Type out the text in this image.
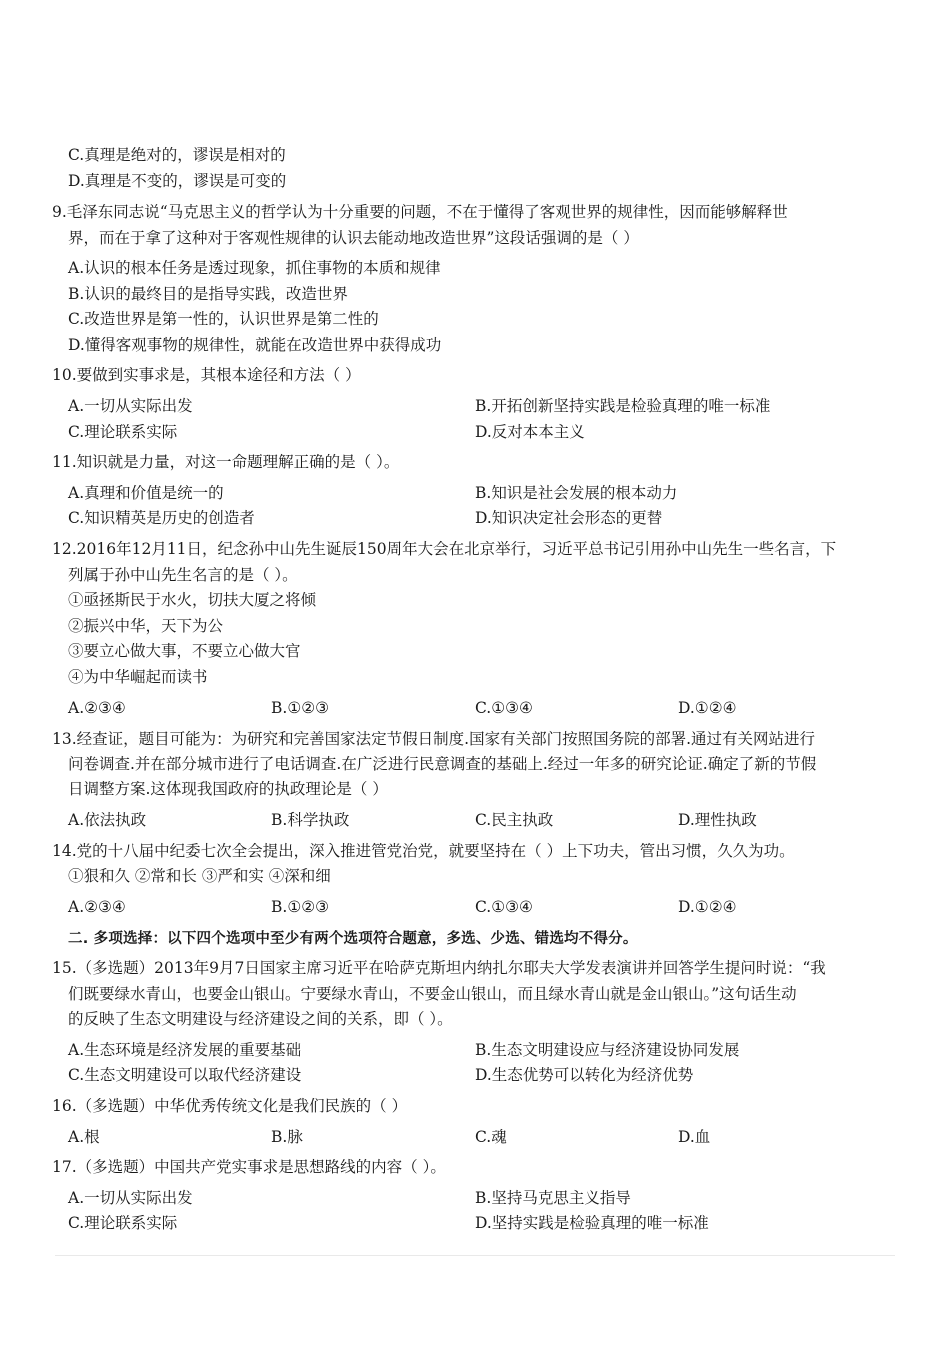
C.真理是绝对的，谬误是相对的
D.真理是不变的，谬误是可变的
9.毛泽东同志说“马克思主义的哲学认为十分重要的问题，不在于懂得了客观世界的规律性，因而能够解释世
界，而在于拿了这种对于客观性规律的认识去能动地改造世界”这段话强调的是（ ）
A.认识的根本任务是透过现象，抓住事物的本质和规律
B.认识的最终目的是指导实践，改造世界
C.改造世界是第一性的，认识世界是第二性的
D.懂得客观事物的规律性，就能在改造世界中获得成功
10.要做到实事求是，其根本途径和方法（ ）
A.一切从实际出发	B.开拓创新坚持实践是检验真理的唯一标准
C.理论联系实际	D.反对本本主义
11.知识就是力量，对这一命题理解正确的是（ ）。
A.真理和价值是统一的	B.知识是社会发展的根本动力
C.知识精英是历史的创造者	D.知识决定社会形态的更替
12.2016年12月11日，纪念孙中山先生诞辰150周年大会在北京举行，习近平总书记引用孙中山先生一些名言，下
列属于孙中山先生名言的是（ ）。
①亟拯斯民于水火，切扶大厦之将倾
②振兴中华，天下为公
③要立心做大事，不要立心做大官
④为中华崛起而读书
A.②③④	B.①②③	C.①③④	D.①②④
13.经查证，题目可能为：为研究和完善国家法定节假日制度.国家有关部门按照国务院的部署.通过有关网站进行
问卷调查.并在部分城市进行了电话调查.在广泛进行民意调查的基础上.经过一年多的研究论证.确定了新的节假
日调整方案.这体现我国政府的执政理论是（ ）
A.依法执政	B.科学执政	C.民主执政	D.理性执政
14.党的十八届中纪委七次全会提出，深入推进管党治党，就要坚持在（ ）上下功夫，管出习惯，久久为功。
①狠和久 ②常和长 ③严和实 ④深和细
A.②③④	B.①②③	C.①③④	D.①②④
二. 多项选择：以下四个选项中至少有两个选项符合题意，多选、少选、错选均不得分。
15.（多选题）2013年9月7日国家主席习近平在哈萨克斯坦内纳扎尔耶夫大学发表演讲并回答学生提问时说：“我
们既要绿水青山，也要金山银山。宁要绿水青山，不要金山银山，而且绿水青山就是金山银山。”这句话生动
的反映了生态文明建设与经济建设之间的关系，即（ ）。
A.生态环境是经济发展的重要基础	B.生态文明建设应与经济建设协同发展
C.生态文明建设可以取代经济建设	D.生态优势可以转化为经济优势
16.（多选题）中华优秀传统文化是我们民族的（ ）
A.根	B.脉	C.魂	D.血
17.（多选题）中国共产党实事求是思想路线的内容（ ）。
A.一切从实际出发	B.坚持马克思主义指导
C.理论联系实际	D.坚持实践是检验真理的唯一标准
